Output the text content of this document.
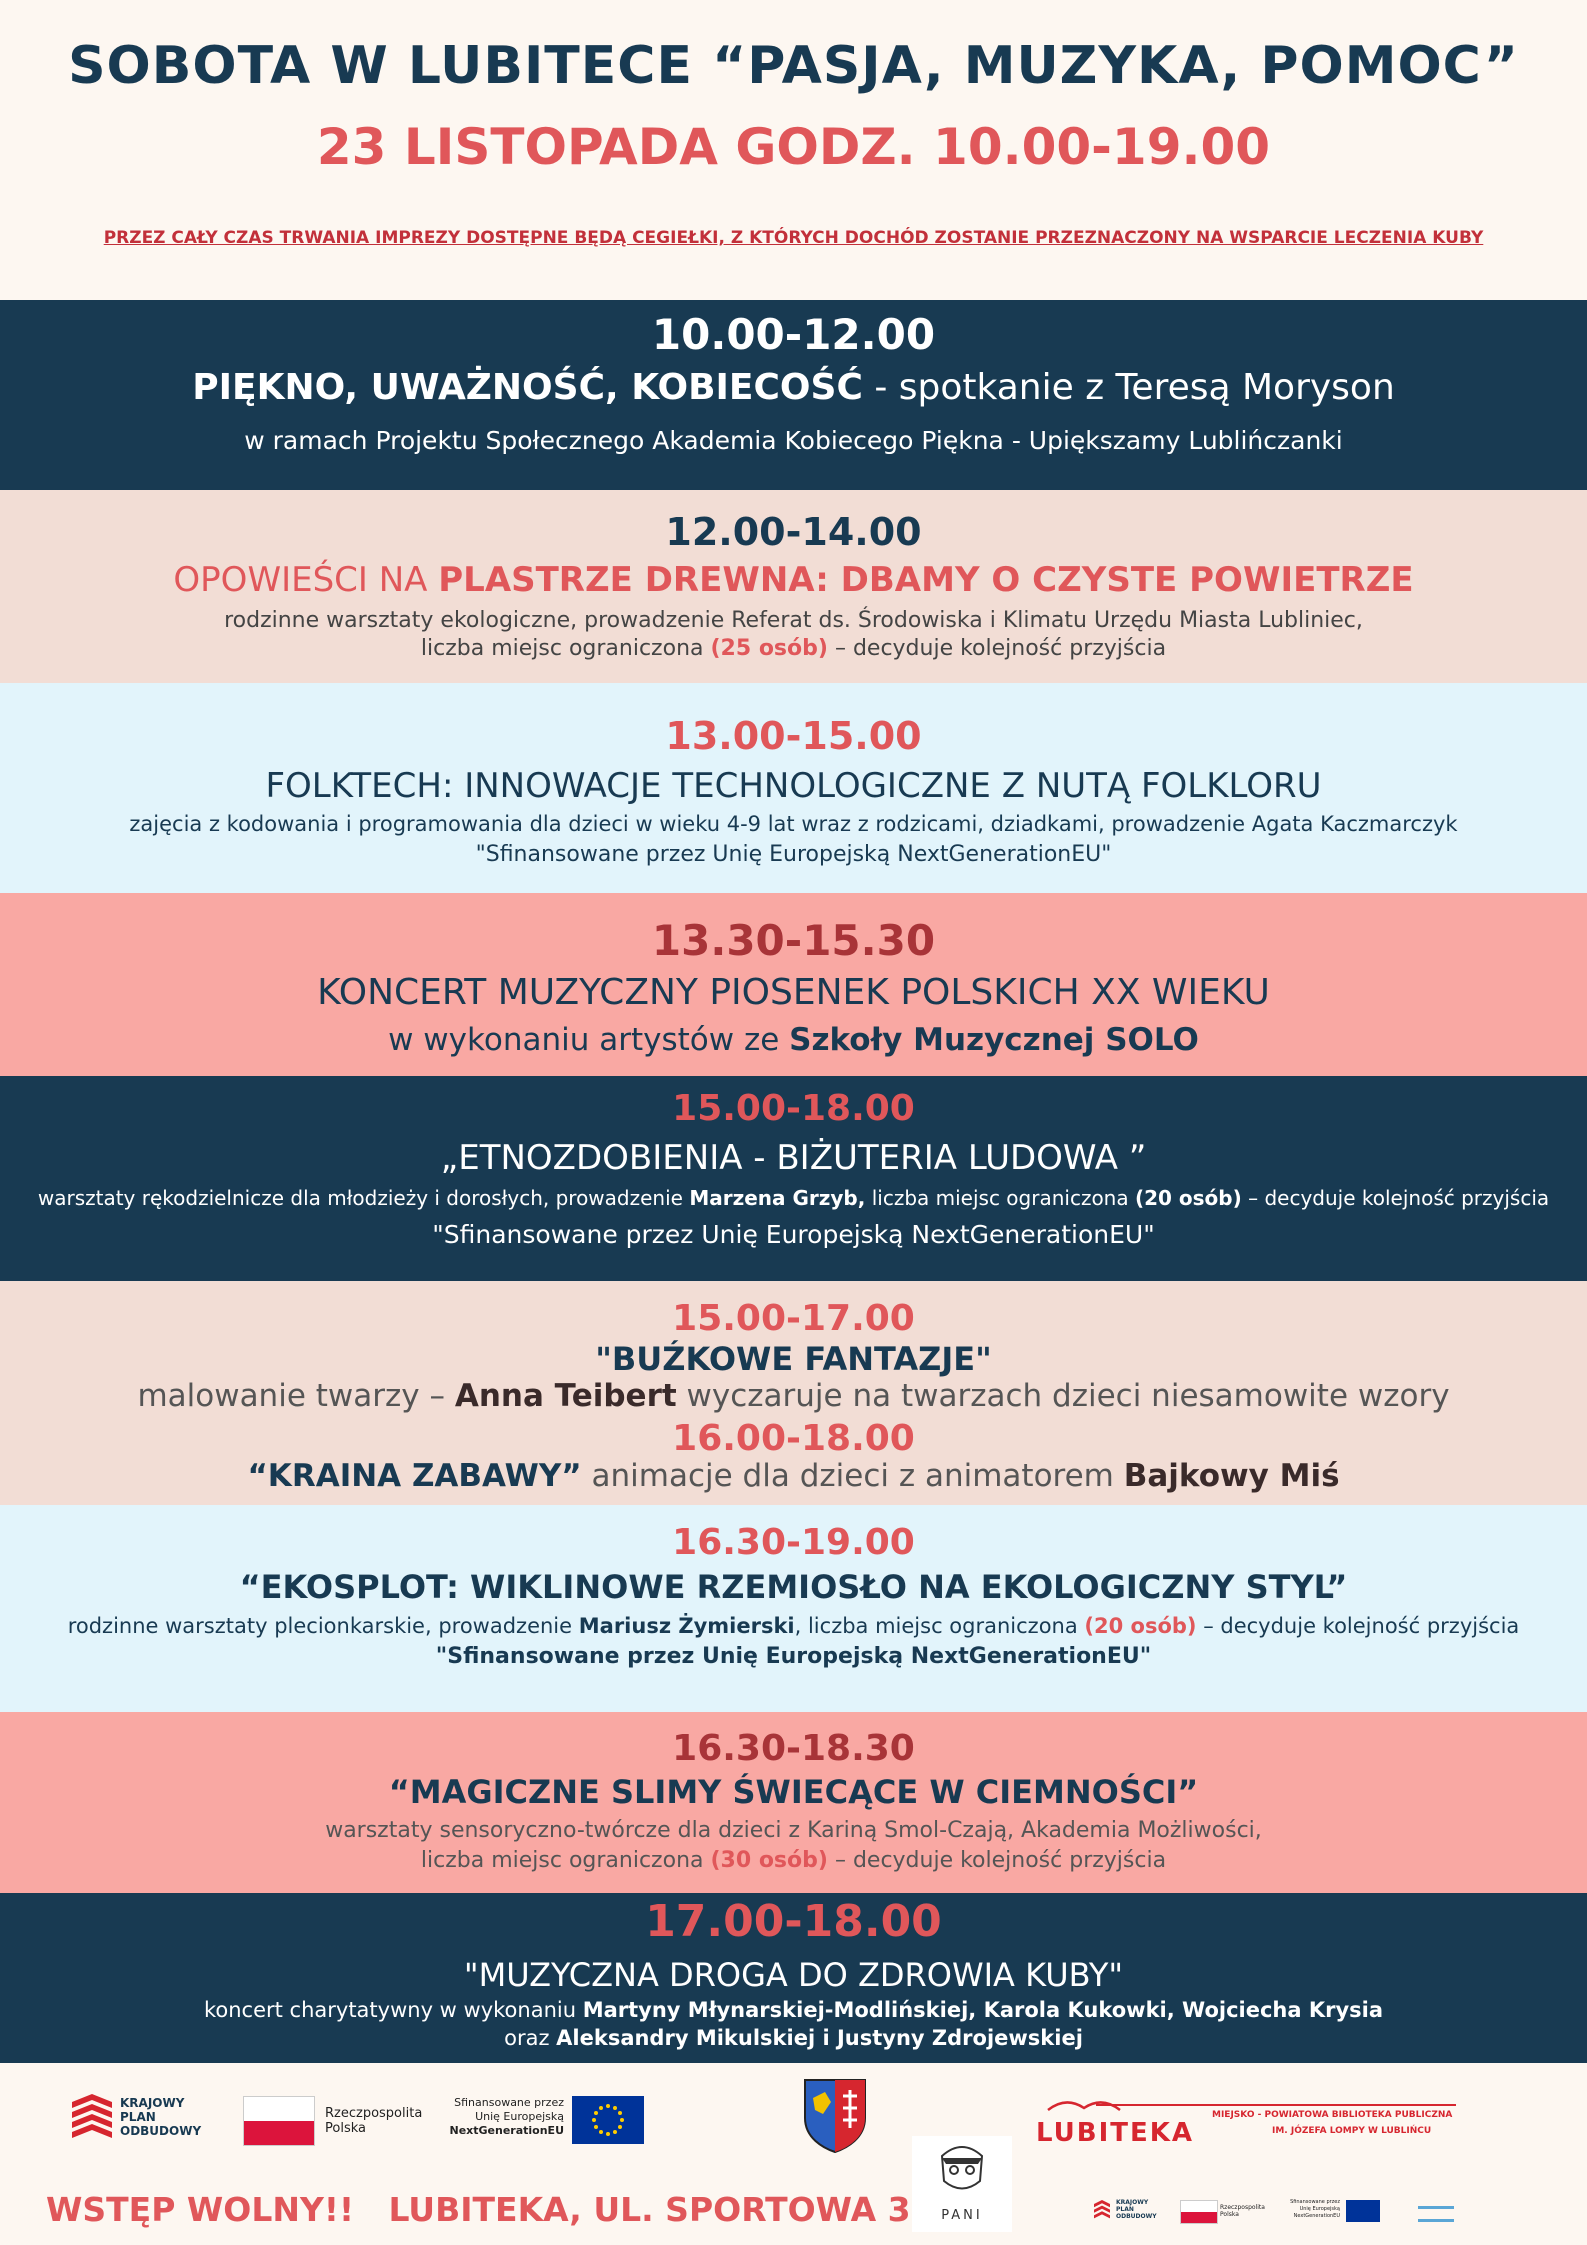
SOBOTA W LUBITECE “PASJA, MUZYKA, POMOC”
23 LISTOPADA GODZ. 10.00-19.00
PRZEZ CAŁY CZAS TRWANIA IMPREZY DOSTĘPNE BĘDĄ CEGIEŁKI, Z KTÓRYCH DOCHÓD ZOSTANIE PRZEZNACZONY NA WSPARCIE LECZENIA KUBY
10.00-12.00
PIĘKNO, UWAŻNOŚĆ, KOBIECOŚĆ - spotkanie z Teresą Moryson
w ramach Projektu Społecznego Akademia Kobiecego Piękna - Upiększamy Lublińczanki
12.00-14.00
OPOWIEŚCI NA PLASTRZE DREWNA: DBAMY O CZYSTE POWIETRZE
rodzinne warsztaty ekologiczne, prowadzenie Referat ds. Środowiska i Klimatu Urzędu Miasta Lubliniec,
liczba miejsc ograniczona (25 osób) – decyduje kolejność przyjścia
13.00-15.00
FOLKTECH: INNOWACJE TECHNOLOGICZNE Z NUTĄ FOLKLORU
zajęcia z kodowania i programowania dla dzieci w wieku 4-9 lat wraz z rodzicami, dziadkami, prowadzenie Agata Kaczmarczyk
"Sfinansowane przez Unię Europejską NextGenerationEU"
13.30-15.30
KONCERT MUZYCZNY PIOSENEK POLSKICH XX WIEKU
w wykonaniu artystów ze Szkoły Muzycznej SOLO
15.00-18.00
„ETNOZDOBIENIA - BIŻUTERIA LUDOWA ”
warsztaty rękodzielnicze dla młodzieży i dorosłych, prowadzenie Marzena Grzyb, liczba miejsc ograniczona (20 osób) – decyduje kolejność przyjścia
"Sfinansowane przez Unię Europejską NextGenerationEU"
15.00-17.00
"BUŹKOWE FANTAZJE"
malowanie twarzy – Anna Teibert wyczaruje na twarzach dzieci niesamowite wzory
16.00-18.00
“KRAINA ZABAWY” animacje dla dzieci z animatorem Bajkowy Miś
16.30-19.00
“EKOSPLOT: WIKLINOWE RZEMIOSŁO NA EKOLOGICZNY STYL”
rodzinne warsztaty plecionkarskie, prowadzenie Mariusz Żymierski, liczba miejsc ograniczona (20 osób) – decyduje kolejność przyjścia
"Sfinansowane przez Unię Europejską NextGenerationEU"
16.30-18.30
“MAGICZNE SLIMY ŚWIECĄCE W CIEMNOŚCI”
warsztaty sensoryczno-twórcze dla dzieci z Kariną Smol-Czają, Akademia Możliwości,
liczba miejsc ograniczona (30 osób) – decyduje kolejność przyjścia
17.00-18.00
"MUZYCZNA DROGA DO ZDROWIA KUBY"
koncert charytatywny w wykonaniu Martyny Młynarskiej-Modlińskiej, Karola Kukowki, Wojciecha Krysia
oraz Aleksandry Mikulskiej i Justyny Zdrojewskiej
KRAJOWY
PLAN
ODBUDOWY
Rzeczpospolita
Polska
Sfinansowane przez
Unię Europejską
NextGenerationEU
PANI
LUBITEKA
MIEJSKO - POWIATOWA BIBLIOTEKA PUBLICZNA
IM. JÓZEFA LOMPY W LUBLIŃCU
KRAJOWY
PLAN
ODBUDOWY
Rzeczpospolita
Polska
Sfinansowane przez
Unię Europejską
NextGenerationEU
WSTĘP WOLNY!!   LUBITEKA, UL. SPORTOWA 3
